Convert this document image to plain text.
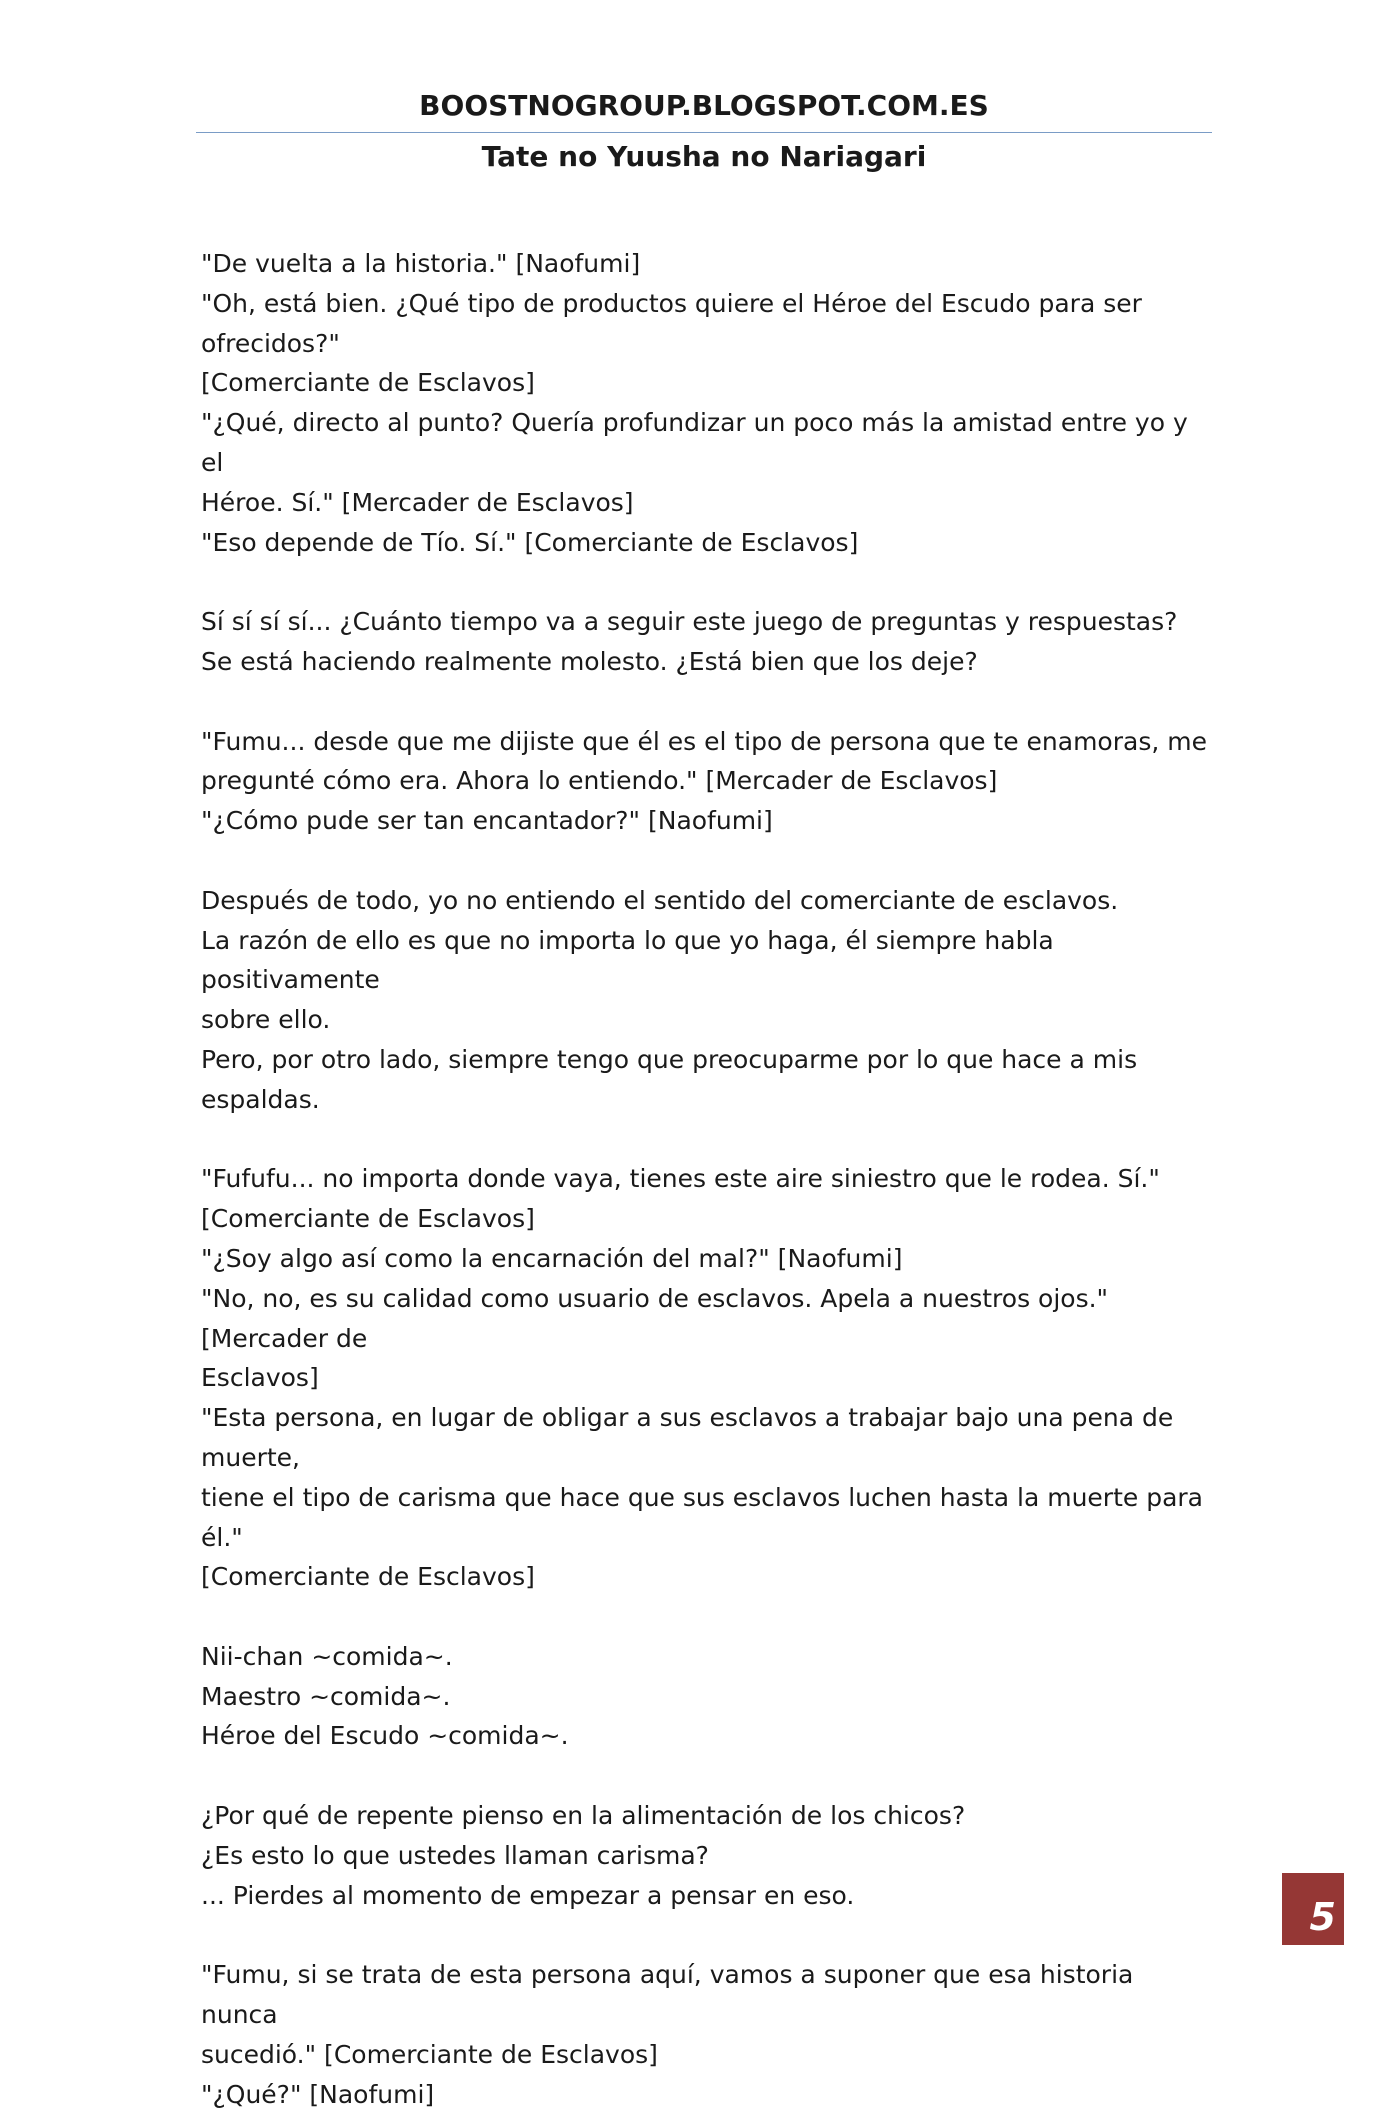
BOOSTNOGROUP.BLOGSPOT.COM.ES
Tate no Yuusha no Nariagari
"De vuelta a la historia." [Naofumi]
"Oh, está bien. ¿Qué tipo de productos quiere el Héroe del Escudo para ser ofrecidos?"
[Comerciante de Esclavos]
"¿Qué, directo al punto? Quería profundizar un poco más la amistad entre yo y el
Héroe. Sí." [Mercader de Esclavos]
"Eso depende de Tío. Sí." [Comerciante de Esclavos]
Sí sí sí sí... ¿Cuánto tiempo va a seguir este juego de preguntas y respuestas?
Se está haciendo realmente molesto. ¿Está bien que los deje?
"Fumu... desde que me dijiste que él es el tipo de persona que te enamoras, me
pregunté cómo era. Ahora lo entiendo." [Mercader de Esclavos]
"¿Cómo pude ser tan encantador?" [Naofumi]
Después de todo, yo no entiendo el sentido del comerciante de esclavos.
La razón de ello es que no importa lo que yo haga, él siempre habla positivamente
sobre ello.
Pero, por otro lado, siempre tengo que preocuparme por lo que hace a mis espaldas.
"Fufufu... no importa donde vaya, tienes este aire siniestro que le rodea. Sí."
[Comerciante de Esclavos]
"¿Soy algo así como la encarnación del mal?" [Naofumi]
"No, no, es su calidad como usuario de esclavos. Apela a nuestros ojos." [Mercader de
Esclavos]
"Esta persona, en lugar de obligar a sus esclavos a trabajar bajo una pena de muerte,
tiene el tipo de carisma que hace que sus esclavos luchen hasta la muerte para él."
[Comerciante de Esclavos]
Nii-chan ~comida~.
Maestro ~comida~.
Héroe del Escudo ~comida~.
¿Por qué de repente pienso en la alimentación de los chicos?
¿Es esto lo que ustedes llaman carisma?
... Pierdes al momento de empezar a pensar en eso.
"Fumu, si se trata de esta persona aquí, vamos a suponer que esa historia nunca
sucedió." [Comerciante de Esclavos]
"¿Qué?" [Naofumi]
5
